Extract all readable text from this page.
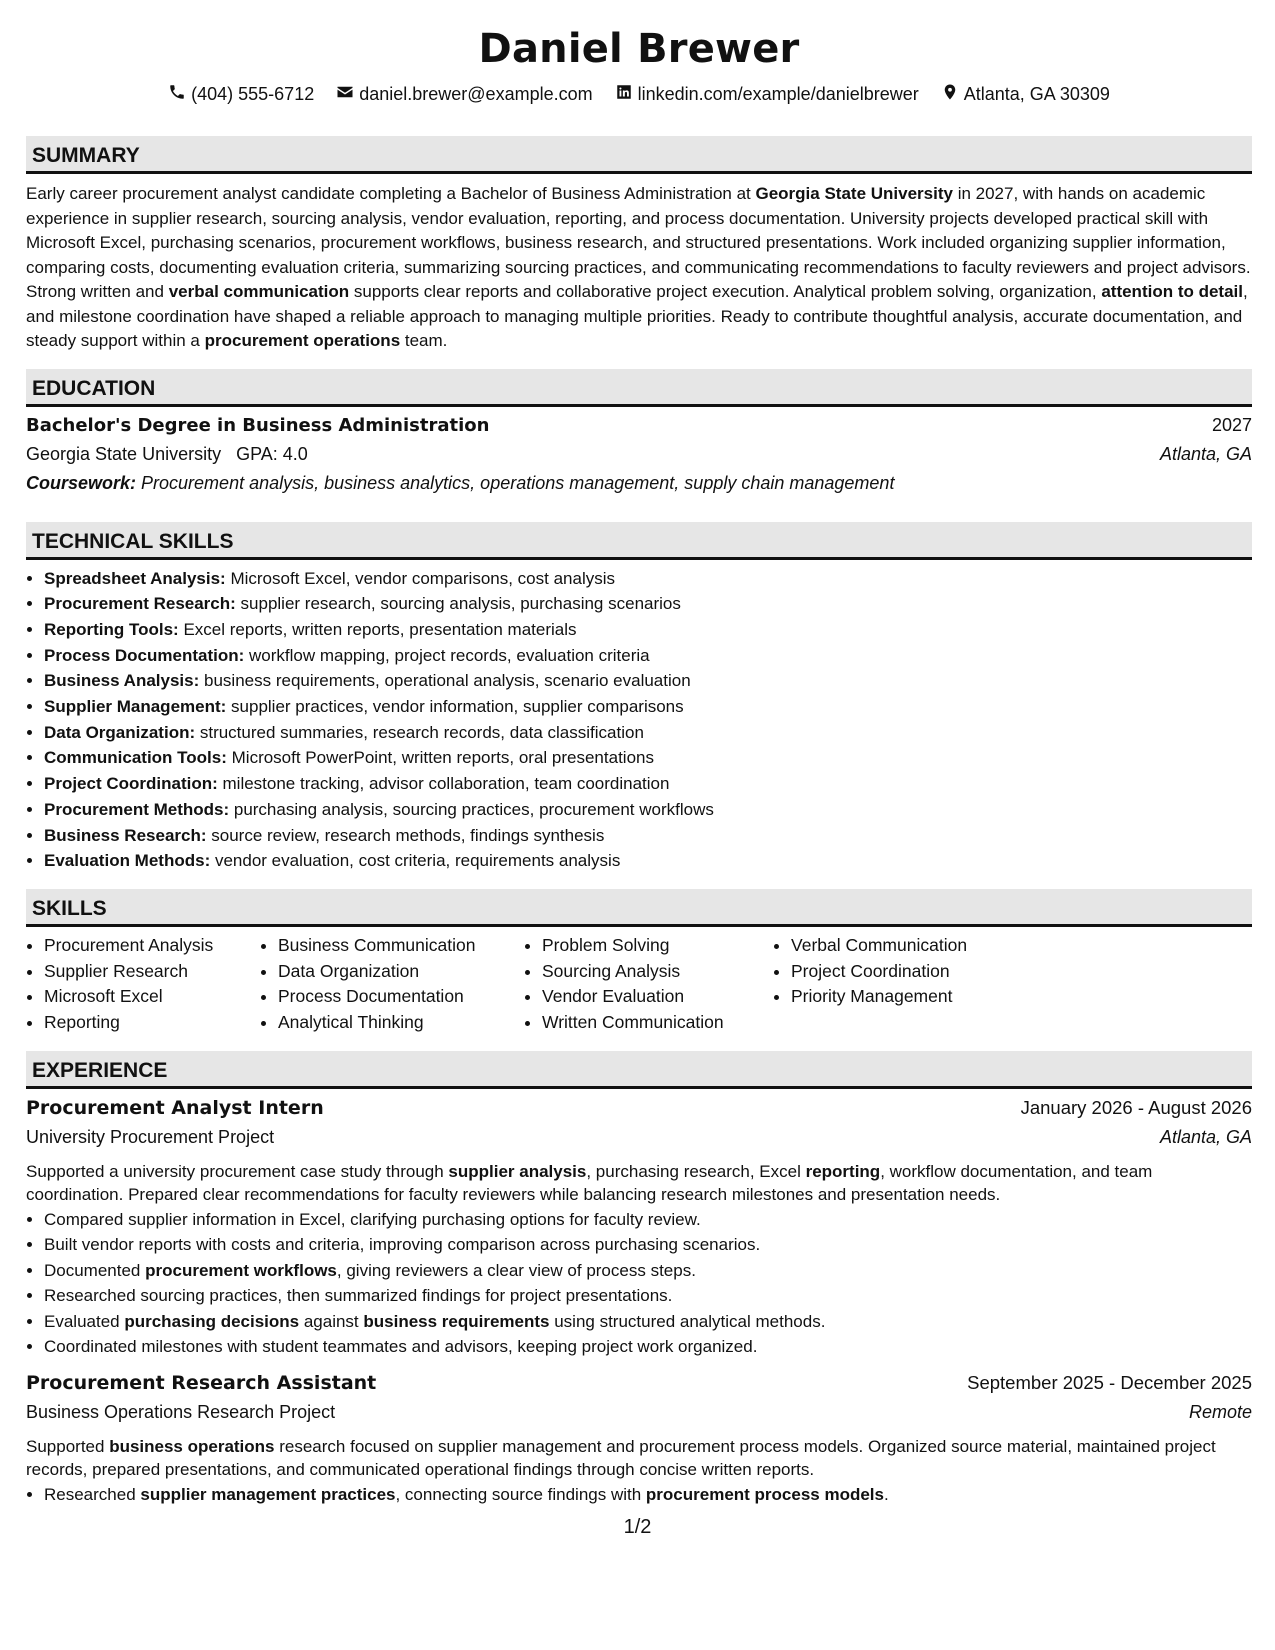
Daniel Brewer
(404) 555-6712	daniel.brewer@example.com	linkedin.com/example/danielbrewer	Atlanta, GA 30309
SUMMARY
Early career procurement analyst candidate completing a Bachelor of Business Administration at Georgia State University in 2027, with hands on academic experience in supplier research, sourcing analysis, vendor evaluation, reporting, and process documentation. University projects developed practical skill with Microsoft Excel, purchasing scenarios, procurement workflows, business research, and structured presentations. Work included organizing supplier information, comparing costs, documenting evaluation criteria, summarizing sourcing practices, and communicating recommendations to faculty reviewers and project advisors. Strong written and verbal communication supports clear reports and collaborative project execution. Analytical problem solving, organization, attention to detail, and milestone coordination have shaped a reliable approach to managing multiple priorities. Ready to contribute thoughtful analysis, accurate documentation, and steady support within a procurement operations team.
EDUCATION
Bachelor's Degree in Business Administration	2027
Georgia State University GPA: 4.0	Atlanta, GA
Coursework: Procurement analysis, business analytics, operations management, supply chain management
TECHNICAL SKILLS
• Spreadsheet Analysis: Microsoft Excel, vendor comparisons, cost analysis
• Procurement Research: supplier research, sourcing analysis, purchasing scenarios
• Reporting Tools: Excel reports, written reports, presentation materials
• Process Documentation: workflow mapping, project records, evaluation criteria
• Business Analysis: business requirements, operational analysis, scenario evaluation
• Supplier Management: supplier practices, vendor information, supplier comparisons
• Data Organization: structured summaries, research records, data classification
• Communication Tools: Microsoft PowerPoint, written reports, oral presentations
• Project Coordination: milestone tracking, advisor collaboration, team coordination
• Procurement Methods: purchasing analysis, sourcing practices, procurement workflows
• Business Research: source review, research methods, findings synthesis
• Evaluation Methods: vendor evaluation, cost criteria, requirements analysis
SKILLS
• Procurement Analysis
• Supplier Research
• Microsoft Excel
• Reporting
• Business Communication
• Data Organization
• Process Documentation
• Analytical Thinking
• Problem Solving
• Sourcing Analysis
• Vendor Evaluation
• Written Communication
• Verbal Communication
• Project Coordination
• Priority Management
EXPERIENCE
Procurement Analyst Intern	January 2026 - August 2026
University Procurement Project	Atlanta, GA
Supported a university procurement case study through supplier analysis, purchasing research, Excel reporting, workflow documentation, and team coordination. Prepared clear recommendations for faculty reviewers while balancing research milestones and presentation needs.
• Compared supplier information in Excel, clarifying purchasing options for faculty review.
• Built vendor reports with costs and criteria, improving comparison across purchasing scenarios.
• Documented procurement workflows, giving reviewers a clear view of process steps.
• Researched sourcing practices, then summarized findings for project presentations.
• Evaluated purchasing decisions against business requirements using structured analytical methods.
• Coordinated milestones with student teammates and advisors, keeping project work organized.
Procurement Research Assistant	September 2025 - December 2025
Business Operations Research Project	Remote
Supported business operations research focused on supplier management and procurement process models. Organized source material, maintained project records, prepared presentations, and communicated operational findings through concise written reports.
• Researched supplier management practices, connecting source findings with procurement process models.
1/2
